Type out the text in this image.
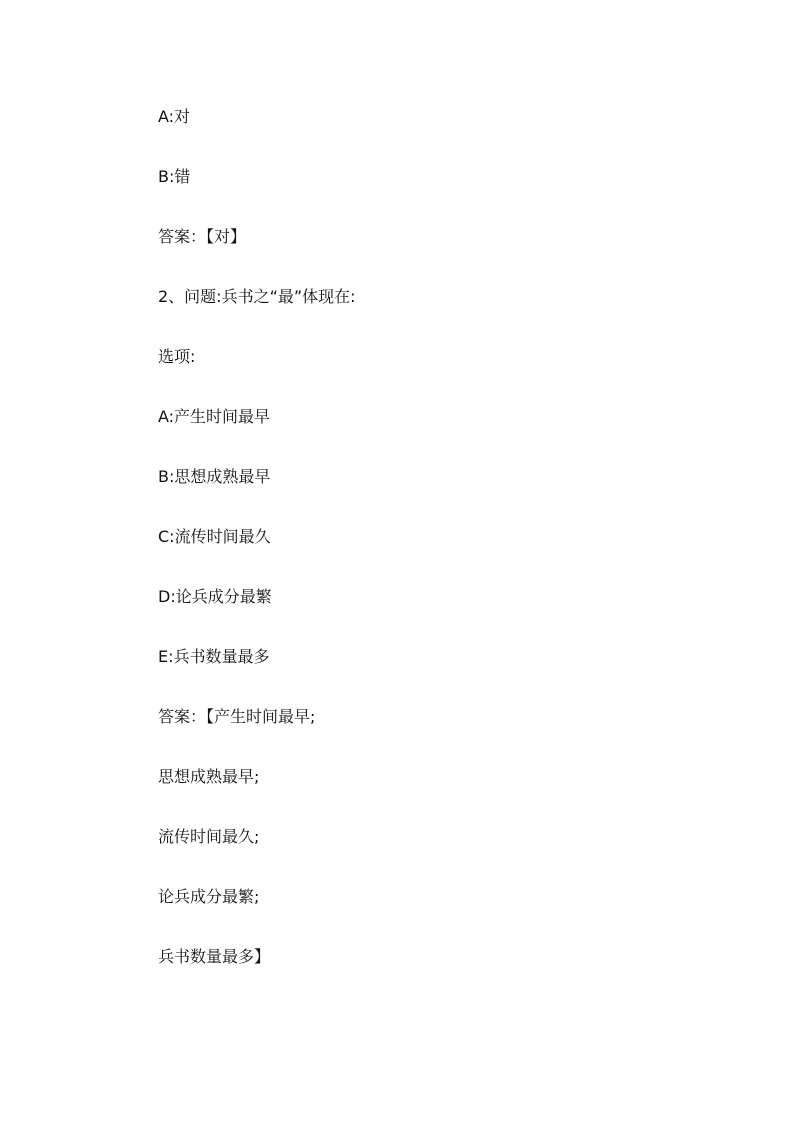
A:对
B:错
答案：【对】
2、问题:兵书之“最”体现在:
选项:
A:产生时间最早
B:思想成熟最早
C:流传时间最久
D:论兵成分最繁
E:兵书数量最多
答案：【产生时间最早;
思想成熟最早;
流传时间最久;
论兵成分最繁;
兵书数量最多】
